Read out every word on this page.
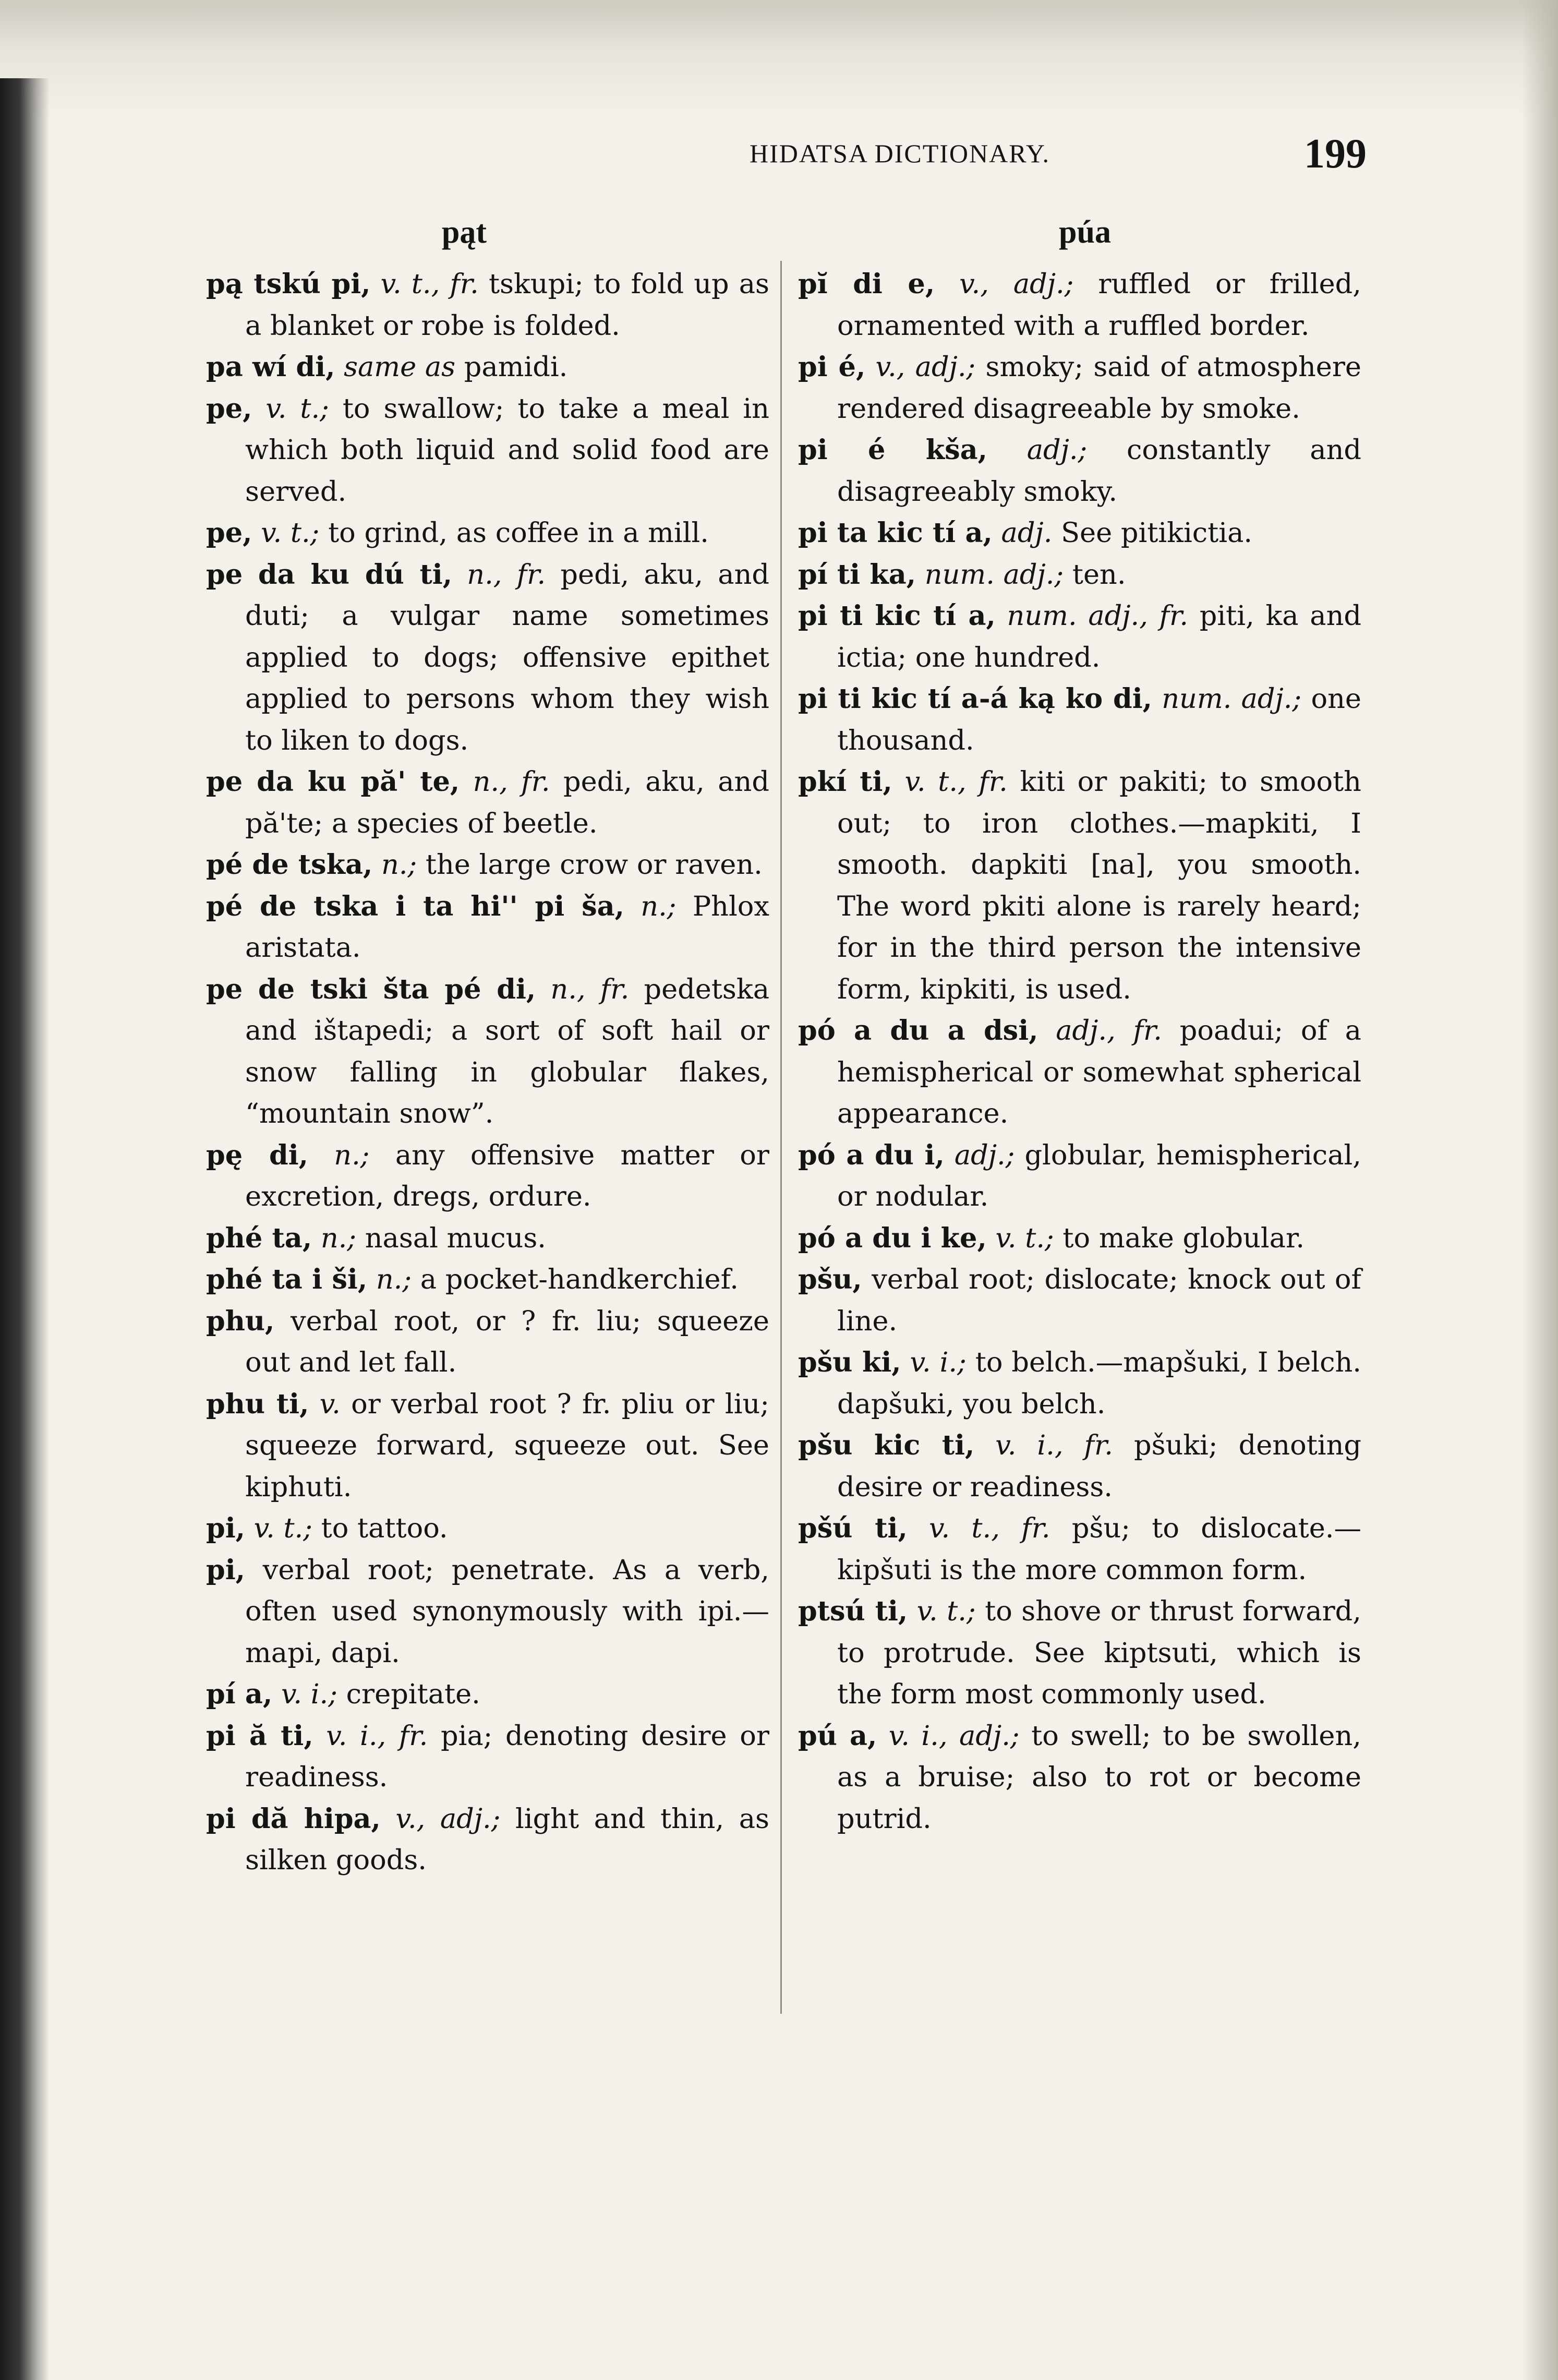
HIDATSA DICTIONARY.	199
pąt	púa

pą tskú pi, v. t., fr. tskupi; to fold up as a blanket or robe is folded.

pa wí di, same as pamidi.

pe, v. t.; to swallow; to take a meal in which both liquid and solid food are served.

pe, v. t.; to grind, as coffee in a mill.

pe da ku dú ti, n., fr. pedi, aku, and duti; a vulgar name sometimes applied to dogs; offensive epithet applied to persons whom they wish to liken to dogs.

pe da ku pă' te, n., fr. pedi, aku, and pă'te; a species of beetle.

pé de tska, n.; the large crow or raven.

pé de tska i ta hi'' pi ša, n.; Phlox aristata.

pe de tski šta pé di, n., fr. pedetska and ištapedi; a sort of soft hail or snow falling in globular flakes, “mountain snow”.

pę di, n.; any offensive matter or excretion, dregs, ordure.

phé ta, n.; nasal mucus.

phé ta i ši, n.; a pocket-handkerchief.

phu, verbal root, or ? fr. liu; squeeze out and let fall.

phu ti, v. or verbal root ? fr. pliu or liu; squeeze forward, squeeze out. See kiphuti.

pi, v. t.; to tattoo.

pi, verbal root; penetrate. As a verb, often used synonymously with ipi.—mapi, dapi.

pí a, v. i.; crepitate.

pi ă ti, v. i., fr. pia; denoting desire or readiness.

pi dă hipa, v., adj.; light and thin, as silken goods.

pĭ di e, v., adj.; ruffled or frilled, ornamented with a ruffled border.

pi é, v., adj.; smoky; said of atmosphere rendered disagreeable by smoke.

pi é kša, adj.; constantly and disagreeably smoky.

pi ta kic tí a, adj. See pitikictia.

pí ti ka, num. adj.; ten.

pi ti kic tí a, num. adj., fr. piti, ka and ictia; one hundred.

pi ti kic tí a-á ką ko di, num. adj.; one thousand.

pkí ti, v. t., fr. kiti or pakiti; to smooth out; to iron clothes.—mapkiti, I smooth. dapkiti [na], you smooth. The word pkiti alone is rarely heard; for in the third person the intensive form, kipkiti, is used.

pó a du a dsi, adj., fr. poadui; of a hemispherical or somewhat spherical appearance.

pó a du i, adj.; globular, hemispherical, or nodular.

pó a du i ke, v. t.; to make globular.

pšu, verbal root; dislocate; knock out of line.

pšu ki, v. i.; to belch.—mapšuki, I belch. dapšuki, you belch.

pšu kic ti, v. i., fr. pšuki; denoting desire or readiness.

pšú ti, v. t., fr. pšu; to dislocate.—kipšuti is the more common form.

ptsú ti, v. t.; to shove or thrust forward, to protrude. See kiptsuti, which is the form most commonly used.

pú a, v. i., adj.; to swell; to be swollen, as a bruise; also to rot or become putrid.
